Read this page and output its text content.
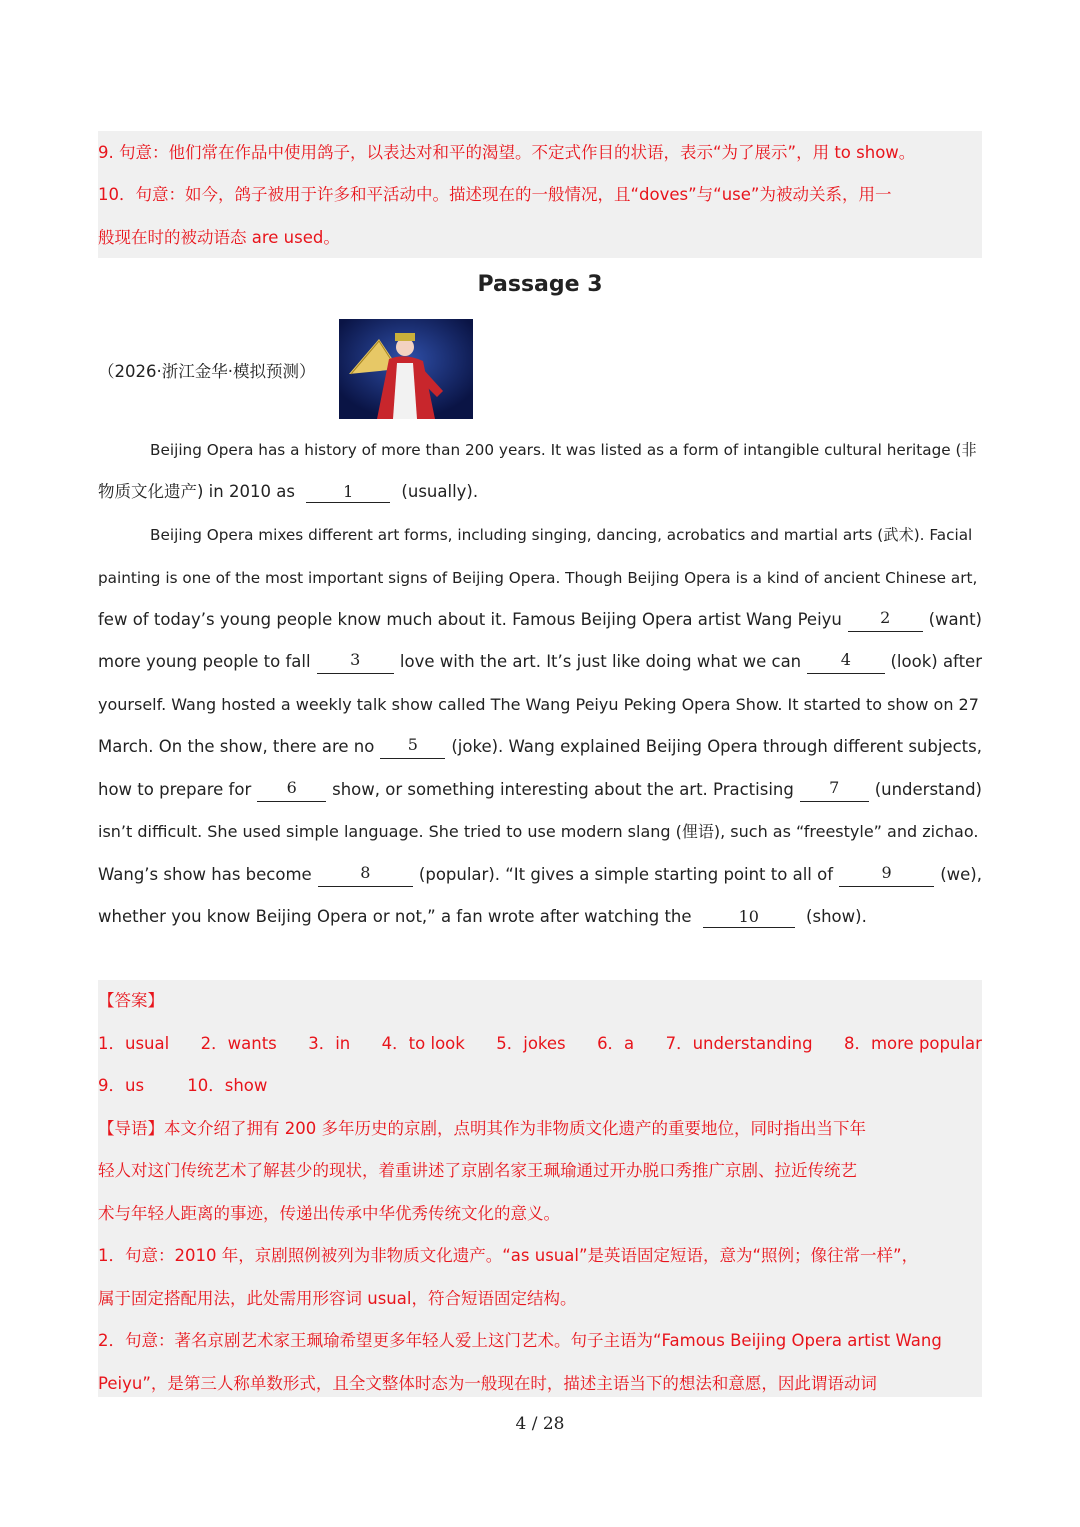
9. 句意：他们常在作品中使用鸽子，以表达对和平的渴望。不定式作目的状语，表示“为了展示”，用 to show。
10．句意：如今，鸽子被用于许多和平活动中。描述现在的一般情况，且“doves”与“use”为被动关系，用一
般现在时的被动语态 are used。
Passage 3
（2026·浙江金华·模拟预测）
Beijing Opera has a history of more than 200 years. It was listed as a form of intangible cultural heritage (非
物质文化遗产) in 2010 as	1	(usually).
Beijing Opera mixes different art forms, including singing, dancing, acrobatics and martial arts (武术). Facial
painting is one of the most important signs of Beijing Opera. Though Beijing Opera is a kind of ancient Chinese art,
few of today’s young people know much about it. Famous Beijing Opera artist Wang Peiyu	2	(want)
more young people to fall	3	love with the art. It’s just like doing what we can	4	(look) after
yourself. Wang hosted a weekly talk show called The Wang Peiyu Peking Opera Show. It started to show on 27
March. On the show, there are no	5	(joke). Wang explained Beijing Opera through different subjects,
how to prepare for	6	show, or something interesting about the art. Practising	7	(understand)
isn’t difficult. She used simple language. She tried to use modern slang (俚语), such as “freestyle” and zichao.
Wang’s show has become	8	(popular). “It gives a simple starting point to all of	9	(we),
whether you know Beijing Opera or not,” a fan wrote after watching the	10	(show).
【答案】
1．usual 2．wants 3．in 4．to look 5．jokes 6．a 7．understanding 8．more popular
9．us	10．show
【导语】本文介绍了拥有 200 多年历史的京剧，点明其作为非物质文化遗产的重要地位，同时指出当下年
轻人对这门传统艺术了解甚少的现状，着重讲述了京剧名家王珮瑜通过开办脱口秀推广京剧、拉近传统艺
术与年轻人距离的事迹，传递出传承中华优秀传统文化的意义。
1．句意：2010 年，京剧照例被列为非物质文化遗产。“as usual”是英语固定短语，意为“照例；像往常一样”，
属于固定搭配用法，此处需用形容词 usual，符合短语固定结构。
2．句意：著名京剧艺术家王珮瑜希望更多年轻人爱上这门艺术。句子主语为“Famous Beijing Opera artist Wang
Peiyu”，是第三人称单数形式，且全文整体时态为一般现在时，描述主语当下的想法和意愿，因此谓语动词
4 / 28
